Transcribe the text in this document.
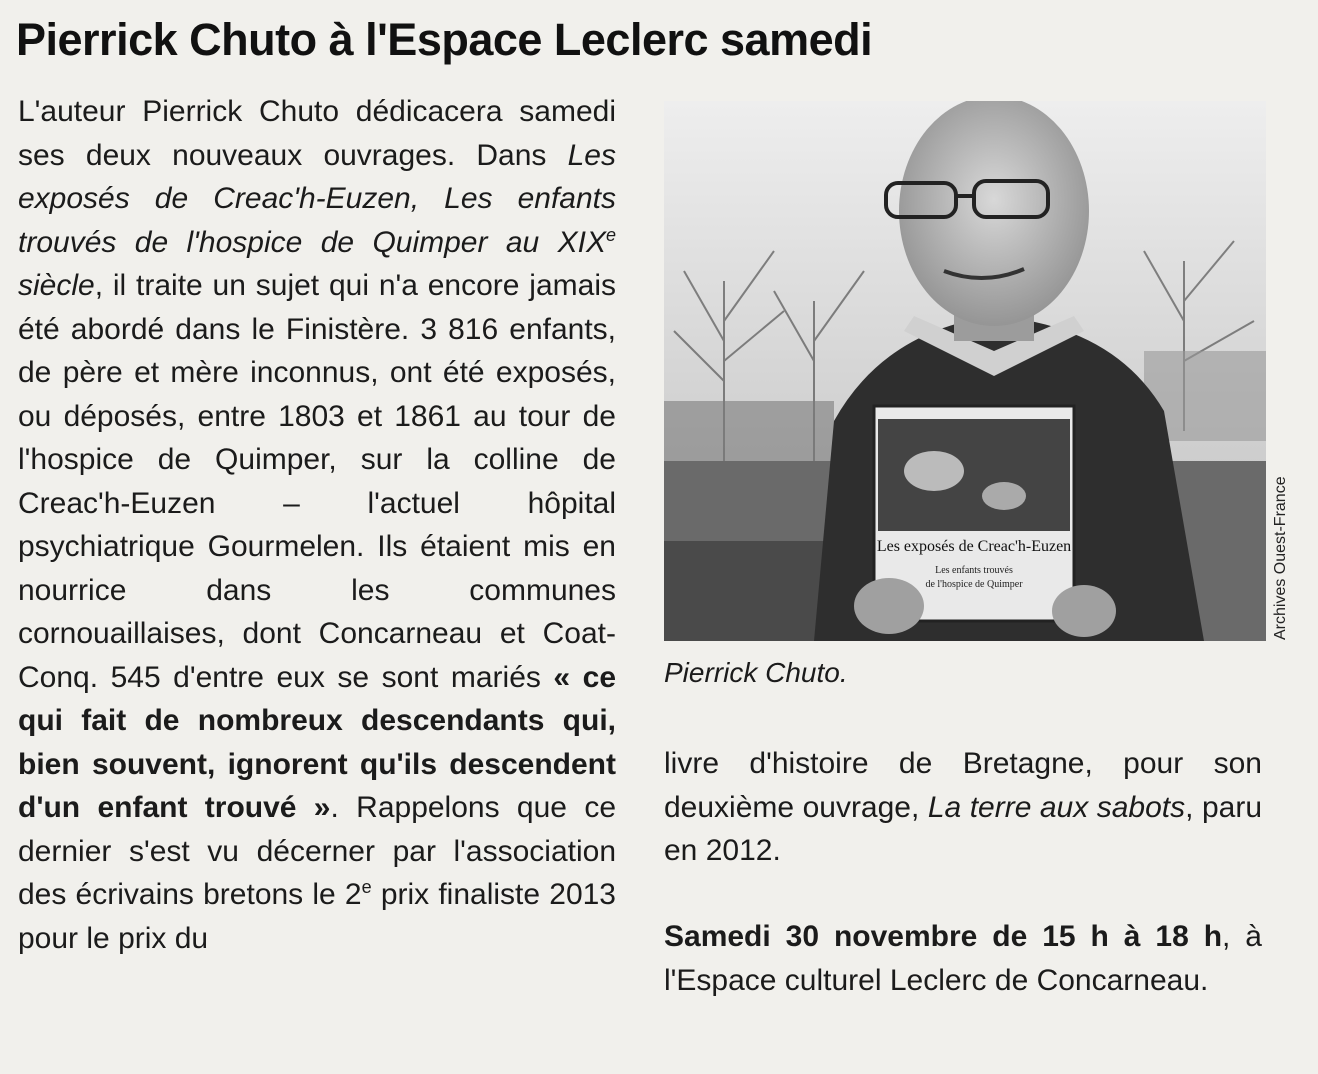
Pierrick Chuto à l'Espace Leclerc samedi
L'auteur Pierrick Chuto dédicacera samedi ses deux nouveaux ouvrages. Dans Les exposés de Creac'h-Euzen, Les enfants trouvés de l'hospice de Quimper au XIXe siècle, il traite un sujet qui n'a encore jamais été abordé dans le Finistère. 3 816 enfants, de père et mère inconnus, ont été exposés, ou déposés, entre 1803 et 1861 au tour de l'hospice de Quimper, sur la colline de Creac'h-Euzen – l'actuel hôpital psychiatrique Gourmelen. Ils étaient mis en nourrice dans les communes cornouaillaises, dont Concarneau et Coat-Conq. 545 d'entre eux se sont mariés « ce qui fait de nombreux descendants qui, bien souvent, ignorent qu'ils descendent d'un enfant trouvé ». Rappelons que ce dernier s'est vu décerner par l'association des écrivains bretons le 2e prix finaliste 2013 pour le prix du
Les exposés de Creac'h-Euzen
Les enfants trouvés
de l'hospice de Quimper	Archives Ouest-France
Pierrick Chuto.
livre d'histoire de Bretagne, pour son deuxième ouvrage, La terre aux sabots, paru en 2012.
Samedi 30 novembre de 15 h à 18 h, à l'Espace culturel Leclerc de Concarneau.
